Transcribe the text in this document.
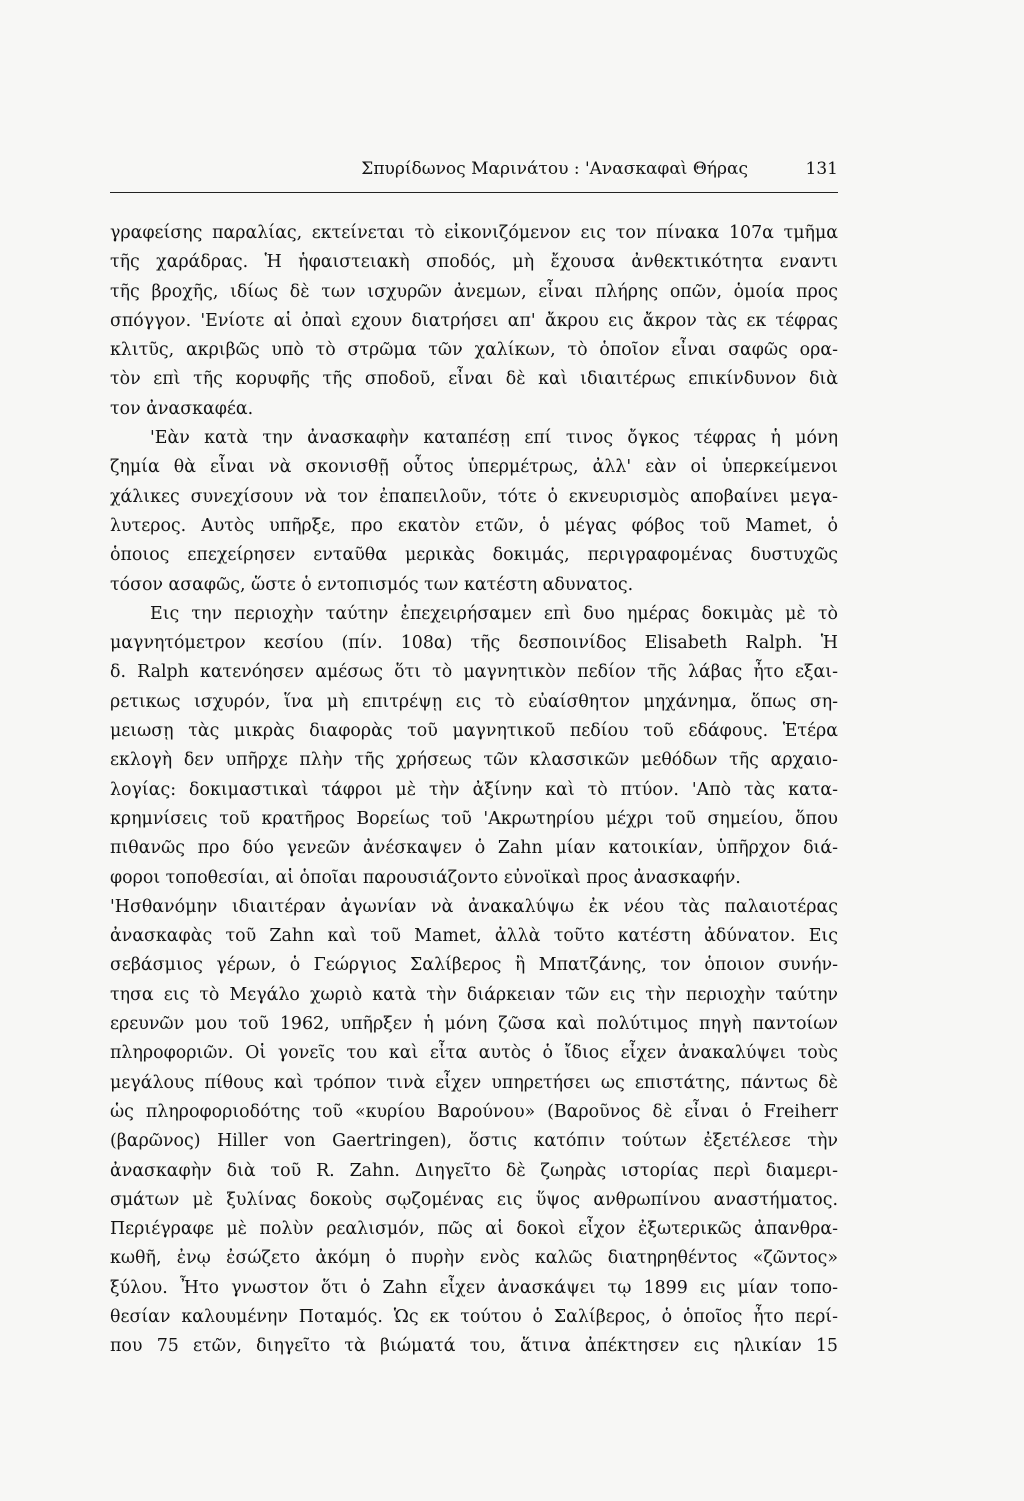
Σπυρίδωνος Μαρινάτου : 'Ανασκαφαὶ Θήρας	131
γραφείσης παραλίας, εκτείνεται τὸ εἰκονιζόμενον εις τον πίνακα 107α τμῆμα
τῆς χαράδρας. Ἡ ἡφαιστειακὴ σποδός, μὴ ἔχουσα ἀνθεκτικότητα εναντι
τῆς βροχῆς, ιδίως δὲ των ισχυρῶν ἀνεμων, εἶναι πλήρης οπῶν, ὁμοία προς
σπόγγον. 'Ενίοτε αἱ ὀπαὶ εχουν διατρήσει απ' ἄκρου εις ἄκρον τὰς εκ τέφρας
κλιτῦς, ακριβῶς υπὸ τὸ στρῶμα τῶν χαλίκων, τὸ ὁποῖον εἶναι σαφῶς ορα-
τὸν επὶ τῆς κορυφῆς τῆς σποδοῦ, εἶναι δὲ καὶ ιδιαιτέρως επικίνδυνον διὰ
τον ἀνασκαφέα.
'Εὰν κατὰ την ἀνασκαφὴν καταπέσῃ επί τινος ὄγκος τέφρας ἡ μόνη
ζημία θὰ εἶναι νὰ σκονισθῇ οὗτος ὑπερμέτρως, ἀλλ' εὰν οἱ ὑπερκείμενοι
χάλικες συνεχίσουν νὰ τον ἐπαπειλοῦν, τότε ὁ εκνευρισμὸς αποβαίνει μεγα-
λυτερος. Αυτὸς υπῆρξε, προ εκατὸν ετῶν, ὁ μέγας φόβος τοῦ Mamet, ὁ
ὁποιος επεχείρησεν ενταῦθα μερικὰς δοκιμάς, περιγραφομένας δυστυχῶς
τόσον ασαφῶς, ὥστε ὁ εντοπισμός των κατέστη αδυνατος.
Εις την περιοχὴν ταύτην ἐπεχειρήσαμεν επὶ δυο ημέρας δοκιμὰς μὲ τὸ
μαγνητόμετρον κεσίου (πίν. 108α) τῆς δεσποινίδος Elisabeth Ralph. Ἡ
δ. Ralph κατενόησεν αμέσως ὅτι τὸ μαγνητικὸν πεδίον τῆς λάβας ἦτο εξαι-
ρετικως ισχυρόν, ἵνα μὴ επιτρέψῃ εις τὸ εὐαίσθητον μηχάνημα, ὅπως ση-
μειωσῃ τὰς μικρὰς διαφορὰς τοῦ μαγνητικοῦ πεδίου τοῦ εδάφους. Ἑτέρα
εκλογὴ δεν υπῆρχε πλὴν τῆς χρήσεως τῶν κλασσικῶν μεθόδων τῆς αρχαιο-
λογίας: δοκιμαστικαὶ τάφροι μὲ τὴν ἀξίνην καὶ τὸ πτύον. 'Απὸ τὰς κατα-
κρημνίσεις τοῦ κρατῆρος Βορείως τοῦ 'Ακρωτηρίου μέχρι τοῦ σημείου, ὅπου
πιθανῶς προ δύο γενεῶν ἀνέσκαψεν ὁ Zahn μίαν κατοικίαν, ὑπῆρχον διά-
φοροι τοποθεσίαι, αἱ ὁποῖαι παρουσιάζοντο εὐνοϊκαὶ προς ἀνασκαφήν.
'Ησθανόμην ιδιαιτέραν ἀγωνίαν νὰ ἀνακαλύψω ἐκ νέου τὰς παλαιοτέρας
ἀνασκαφὰς τοῦ Zahn καὶ τοῦ Mamet, ἀλλὰ τοῦτο κατέστη ἀδύνατον. Εις
σεβάσμιος γέρων, ὁ Γεώργιος Σαλίβερος ἢ Μπατζάνης, τον ὁποιον συνήν-
τησα εις τὸ Μεγάλο χωριὸ κατὰ τὴν διάρκειαν τῶν εις τὴν περιοχὴν ταύτην
ερευνῶν μου τοῦ 1962, υπῆρξεν ἡ μόνη ζῶσα καὶ πολύτιμος πηγὴ παντοίων
πληροφοριῶν. Οἱ γονεῖς του καὶ εἶτα αυτὸς ὁ ἴδιος εἶχεν ἀνακαλύψει τοὺς
μεγάλους πίθους καὶ τρόπον τινὰ εἶχεν υπηρετήσει ως επιστάτης, πάντως δὲ
ὡς πληροφοριοδότης τοῦ «κυρίου Βαρούνου» (Βαροῦνος δὲ εἶναι ὁ Freiherr
(βαρῶνος) Hiller von Gaertringen), ὅστις κατόπιν τούτων ἐξετέλεσε τὴν
ἀνασκαφὴν διὰ τοῦ R. Zahn. Διηγεῖτο δὲ ζωηρὰς ιστορίας περὶ διαμερι-
σμάτων μὲ ξυλίνας δοκοὺς σῳζομένας εις ὕψος ανθρωπίνου αναστήματος.
Περιέγραφε μὲ πολὺν ρεαλισμόν, πῶς αἱ δοκοὶ εἶχον ἐξωτερικῶς ἀπανθρα-
κωθῆ, ἐνῳ ἐσώζετο ἀκόμη ὁ πυρὴν ενὸς καλῶς διατηρηθέντος «ζῶντος»
ξύλου. Ἦτο γνωστον ὅτι ὁ Zahn εἶχεν ἀνασκάψει τῳ 1899 εις μίαν τοπο-
θεσίαν καλουμένην Ποταμός. Ὡς εκ τούτου ὁ Σαλίβερος, ὁ ὁποῖος ἦτο περί-
που 75 ετῶν, διηγεῖτο τὰ βιώματά του, ἅτινα ἀπέκτησεν εις ηλικίαν 15
